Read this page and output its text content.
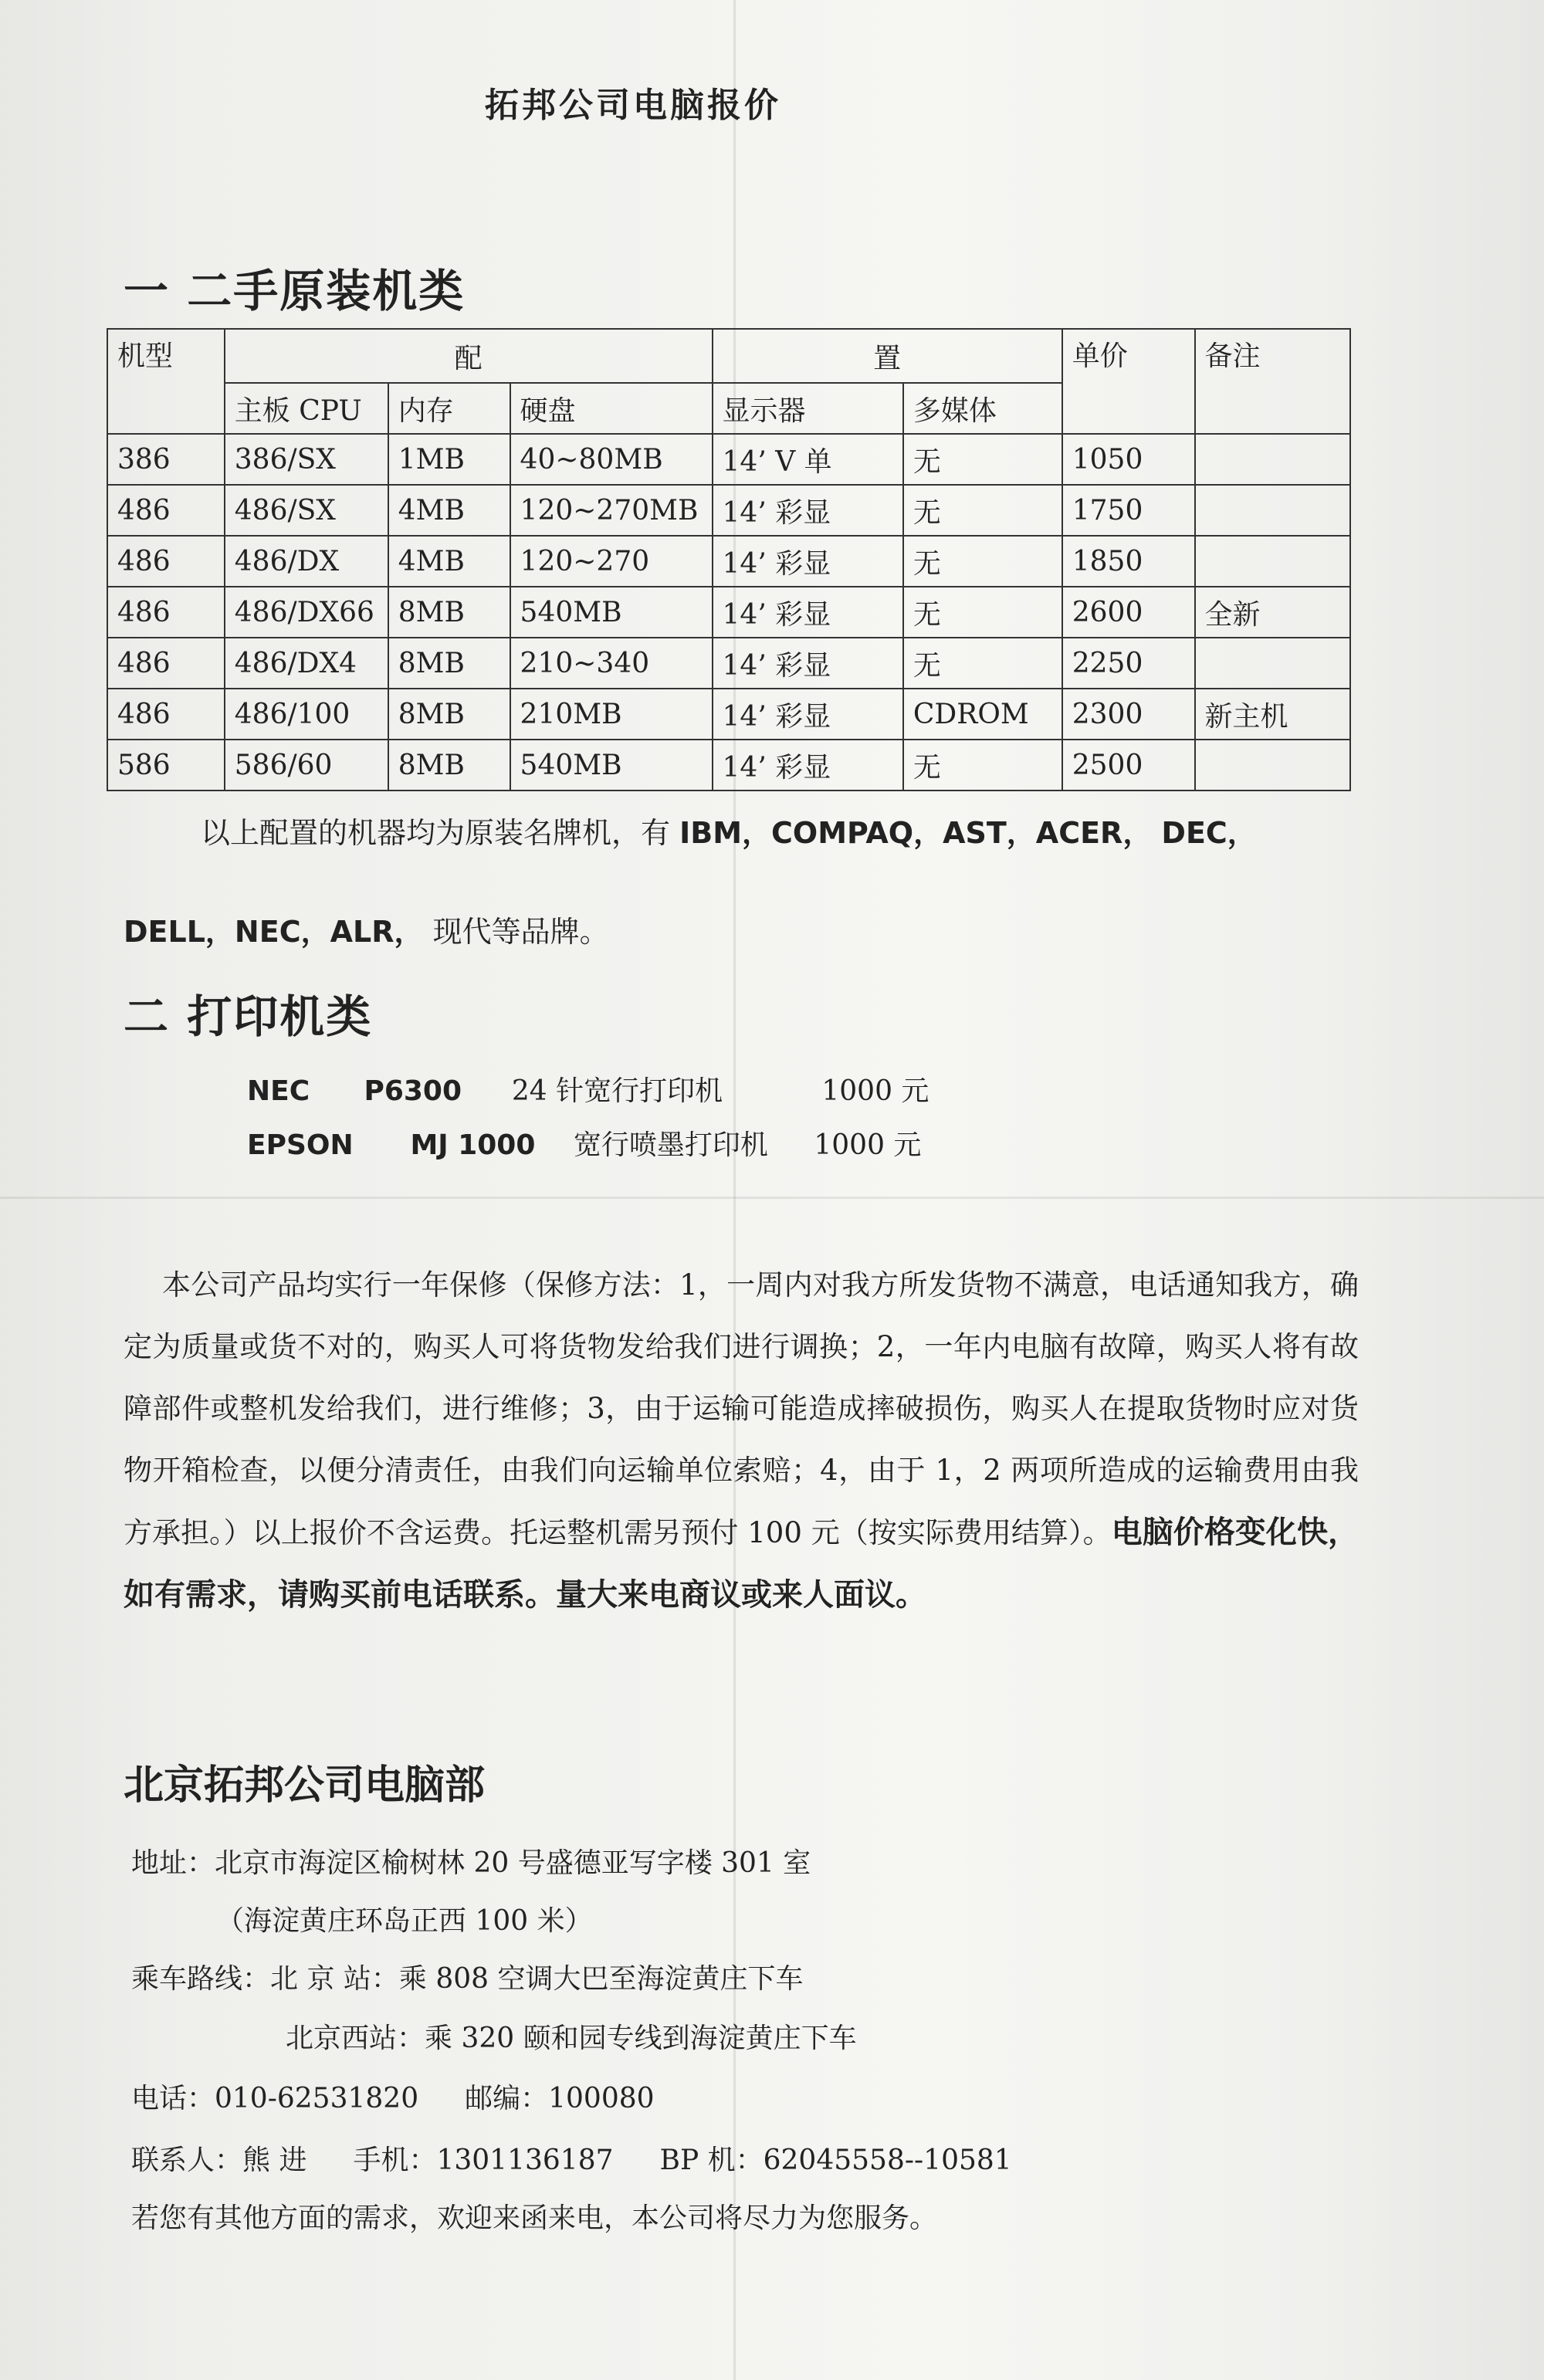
拓邦公司电脑报价
一 二手原装机类
机型	配			置		单价	备注
	主板 CPU	内存	硬盘	显示器	多媒体		
386	386/SX	1MB	40~80MB	14’ V 单	无	1050	
486	486/SX	4MB	120~270MB	14’ 彩显	无	1750	
486	486/DX	4MB	120~270	14’ 彩显	无	1850	
486	486/DX66	8MB	540MB	14’ 彩显	无	2600	全新
486	486/DX4	8MB	210~340	14’ 彩显	无	2250	
486	486/100	8MB	210MB	14’ 彩显	CDROM	2300	新主机
586	586/60	8MB	540MB	14’ 彩显	无	2500	
以上配置的机器均为原装名牌机，有 IBM，COMPAQ，AST，ACER， DEC，DELL，NEC，ALR， 现代等品牌。
二 打印机类
NEC P6300 24 针宽行打印机	1000 元
EPSON MJ 1000 宽行喷墨打印机 1000 元
本公司产品均实行一年保修（保修方法：1，一周内对我方所发货物不满意，电话通知我方，确定为质量或货不对的，购买人可将货物发给我们进行调换；2，一年内电脑有故障，购买人将有故障部件或整机发给我们，进行维修；3，由于运输可能造成摔破损伤，购买人在提取货物时应对货物开箱检查，以便分清责任，由我们向运输单位索赔；4，由于 1，2 两项所造成的运输费用由我方承担。）以上报价不含运费。托运整机需另预付 100 元（按实际费用结算）。电脑价格变化快，如有需求，请购买前电话联系。量大来电商议或来人面议。
北京拓邦公司电脑部
地址：北京市海淀区榆树林 20 号盛德亚写字楼 301 室
（海淀黄庄环岛正西 100 米）
乘车路线：北 京 站：乘 808 空调大巴至海淀黄庄下车
北京西站：乘 320 颐和园专线到海淀黄庄下车
电话：010-62531820 邮编：100080
联系人：熊 进 手机：1301136187 BP 机：62045558--10581
若您有其他方面的需求，欢迎来函来电，本公司将尽力为您服务。
